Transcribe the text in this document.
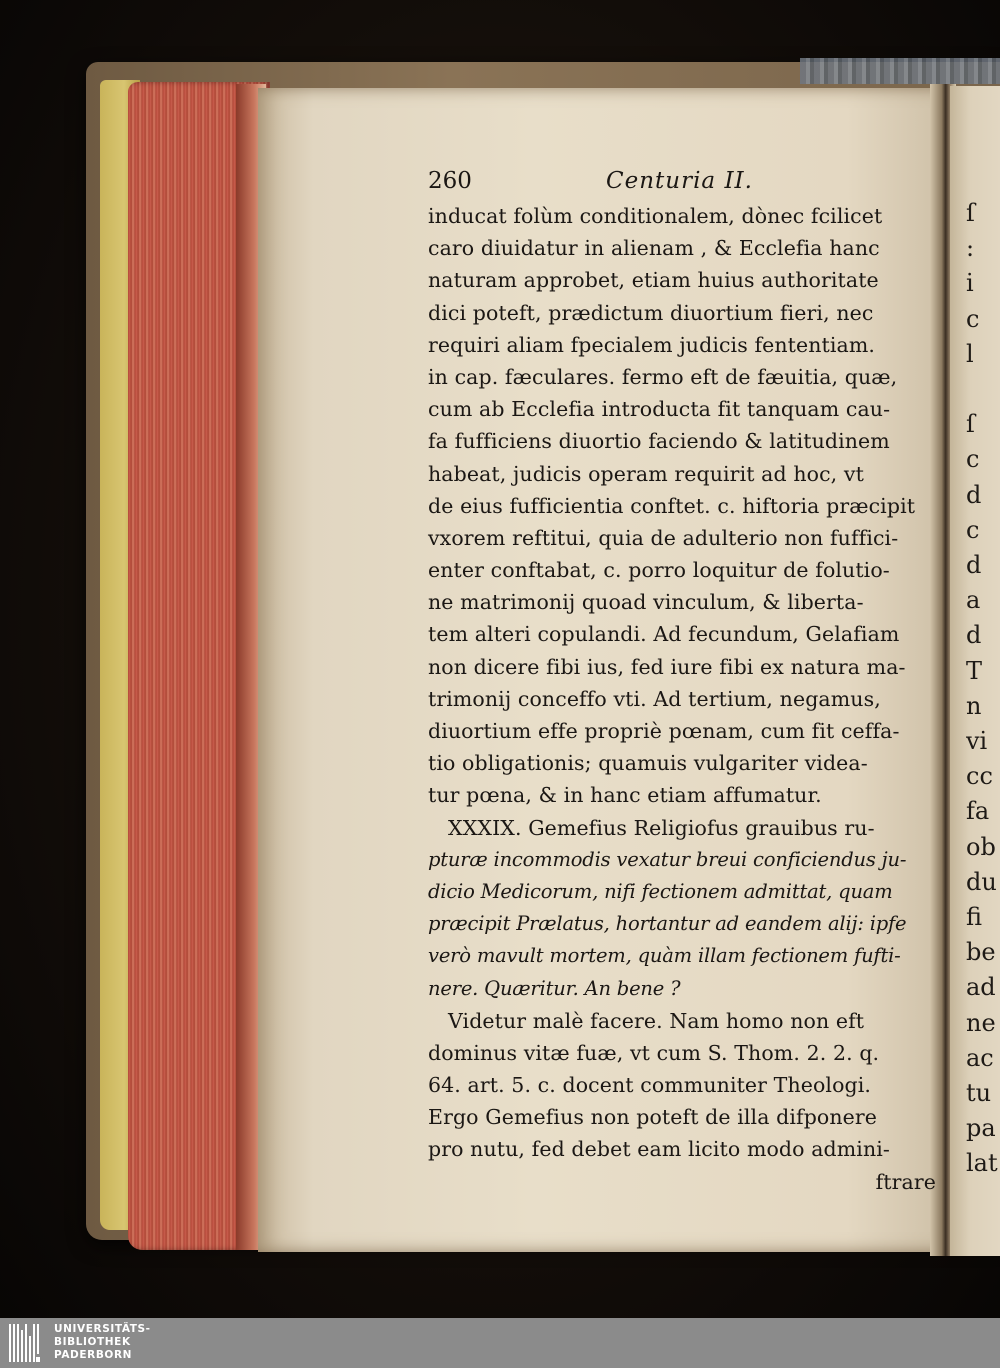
ſ
:
і
c
l

ſ
c
d
c
d
a
d
T
n
vi
cc
fa
ob
du
fi
be
ad
ne
ac
tu
pa
lat
260	Centuria II.
inducat folùm conditionalem, dònec fcilicet
caro diuidatur in alienam , & Ecclefia hanc
naturam approbet, etiam huius authoritate
dici poteft, prædictum diuortium fieri, nec
requiri aliam fpecialem judicis fententiam.
in cap. fæculares. fermo eft de fæuitia, quæ,
cum ab Ecclefia introducta fit tanquam cau-
fa fufficiens diuortio faciendo & latitudinem
habeat, judicis operam requirit ad hoc, vt
de eius fufficientia conftet. c. hiftoria præcipit
vxorem reftitui, quia de adulterio non fuffici-
enter conftabat, c. porro loquitur de folutio-
ne matrimonij quoad vinculum, & liberta-
tem alteri copulandi. Ad fecundum, Gelafiam
non dicere fibi ius, fed iure fibi ex natura ma-
trimonij conceffo vti. Ad tertium, negamus,
diuortium effe propriè pœnam, cum fit ceffa-
tio obligationis; quamuis vulgariter videa-
tur pœna, & in hanc etiam affumatur.
XXXIX. Gemefius Religiofus grauibus ru-
pturæ incommodis vexatur breui conficiendus ju-
dicio Medicorum, nifi fectionem admittat, quam
præcipit Prælatus, hortantur ad eandem alij: ipfe
verò mavult mortem, quàm illam fectionem fufti-
nere. Quæritur. An bene ?
Videtur malè facere. Nam homo non eft
dominus vitæ fuæ, vt cum S. Thom. 2. 2. q.
64. art. 5. c. docent communiter Theologi.
Ergo Gemefius non poteft de illa difponere
pro nutu, fed debet eam licito modo admini-
ftrare
UNIVERSITÄTS-
BIBLIOTHEK
PADERBORN
